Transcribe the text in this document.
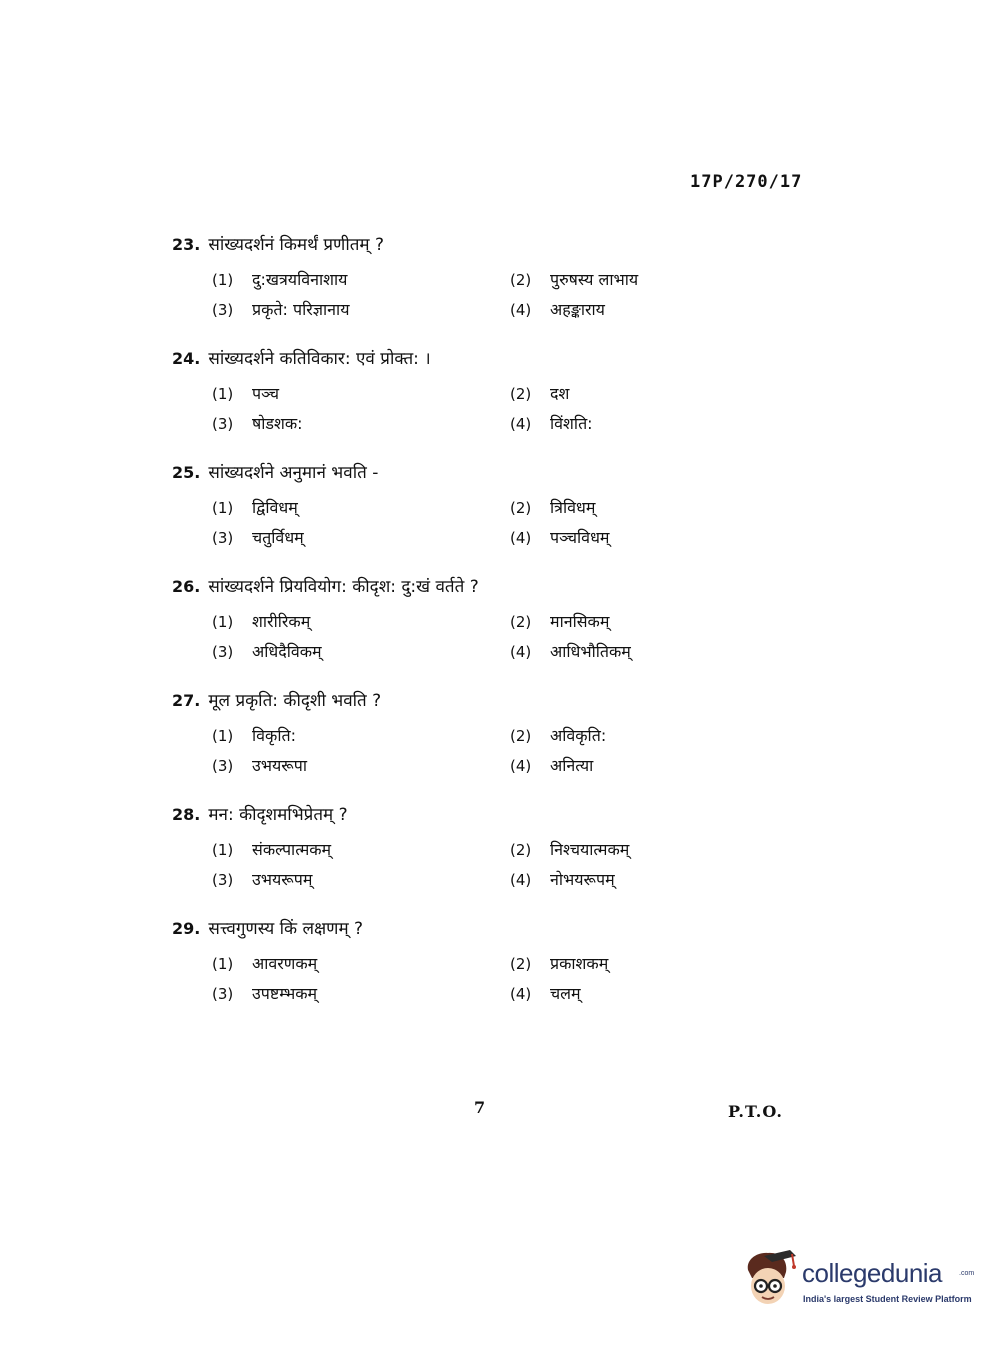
17P/270/17
23. सांख्यदर्शनं किमर्थं प्रणीतम् ?
(1) दु:खत्रयविनाशाय	(2) पुरुषस्य लाभाय
(3) प्रकृते: परिज्ञानाय	(4) अहङ्काराय
24. सांख्यदर्शने कतिविकार: एवं प्रोक्त: ।
(1) पञ्च	(2) दश
(3) षोडशक:	(4) विंशति:
25. सांख्यदर्शने अनुमानं भवति -
(1) द्विविधम्	(2) त्रिविधम्
(3) चतुर्विधम्	(4) पञ्चविधम्
26. सांख्यदर्शने प्रियवियोग: कीदृश: दु:खं वर्तते ?
(1) शारीरिकम्	(2) मानसिकम्
(3) अधिदैविकम्	(4) आधिभौतिकम्
27. मूल प्रकृति: कीदृशी भवति ?
(1) विकृति:	(2) अविकृति:
(3) उभयरूपा	(4) अनित्या
28. मन: कीदृशमभिप्रेतम् ?
(1) संकल्पात्मकम्	(2) निश्चयात्मकम्
(3) उभयरूपम्	(4) नोभयरूपम्
29. सत्त्वगुणस्य किं लक्षणम् ?
(1) आवरणकम्	(2) प्रकाशकम्
(3) उपष्टम्भकम्	(4) चलम्
7	P.T.O.
collegedunia .com
India's largest Student Review Platform
